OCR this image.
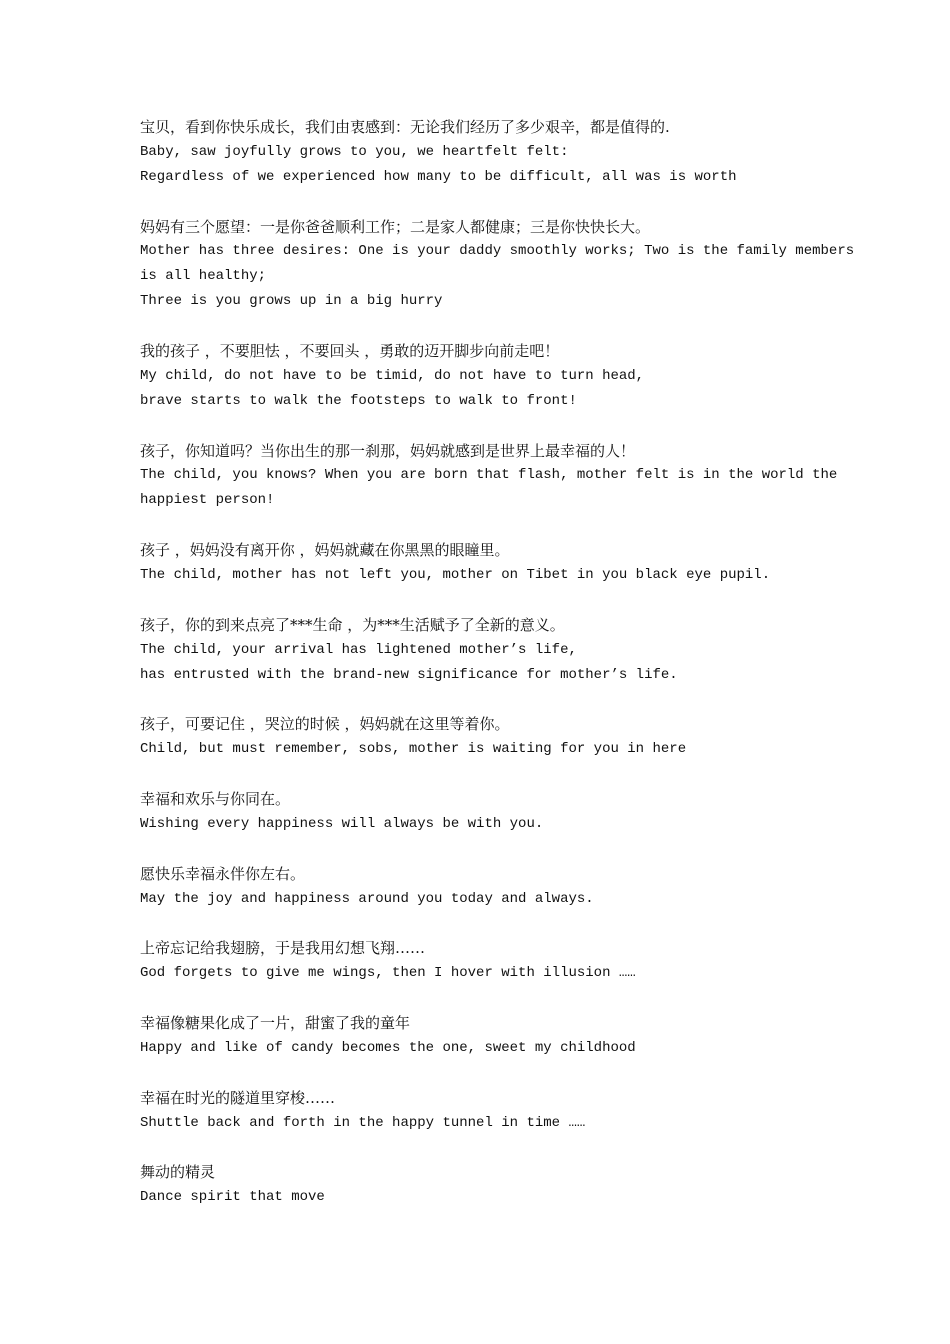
宝贝，看到你快乐成长，我们由衷感到：无论我们经历了多少艰辛，都是值得的.
Baby, saw joyfully grows to you, we heartfelt felt:
Regardless of we experienced how many to be difficult, all was is worth
妈妈有三个愿望：一是你爸爸顺利工作；二是家人都健康；三是你快快长大。
Mother has three desires: One is your daddy smoothly works; Two is the family members
is all healthy;
Three is you grows up in a big hurry
我的孩子 ，不要胆怯 ，不要回头 ，勇敢的迈开脚步向前走吧！
My child, do not have to be timid, do not have to turn head,
brave starts to walk the footsteps to walk to front!
孩子，你知道吗？当你出生的那一刹那，妈妈就感到是世界上最幸福的人！
The child, you knows? When you are born that flash, mother felt is in the world the
happiest person!
孩子 ，妈妈没有离开你 ，妈妈就藏在你黑黑的眼瞳里。
The child, mother has not left you, mother on Tibet in you black eye pupil.
孩子，你的到来点亮了***生命 ，为***生活赋予了全新的意义。
The child, your arrival has lightened mother’s life,
has entrusted with the brand-new significance for mother’s life.
孩子，可要记住 ，哭泣的时候 ，妈妈就在这里等着你。
Child, but must remember, sobs, mother is waiting for you in here
幸福和欢乐与你同在。
Wishing every happiness will always be with you.
愿快乐幸福永伴你左右。
May the joy and happiness around you today and always.
上帝忘记给我翅膀，于是我用幻想飞翔……
God forgets to give me wings, then I hover with illusion ……
幸福像糖果化成了一片，甜蜜了我的童年
Happy and like of candy becomes the one, sweet my childhood
幸福在时光的隧道里穿梭……
Shuttle back and forth in the happy tunnel in time ……
舞动的精灵
Dance spirit that move
